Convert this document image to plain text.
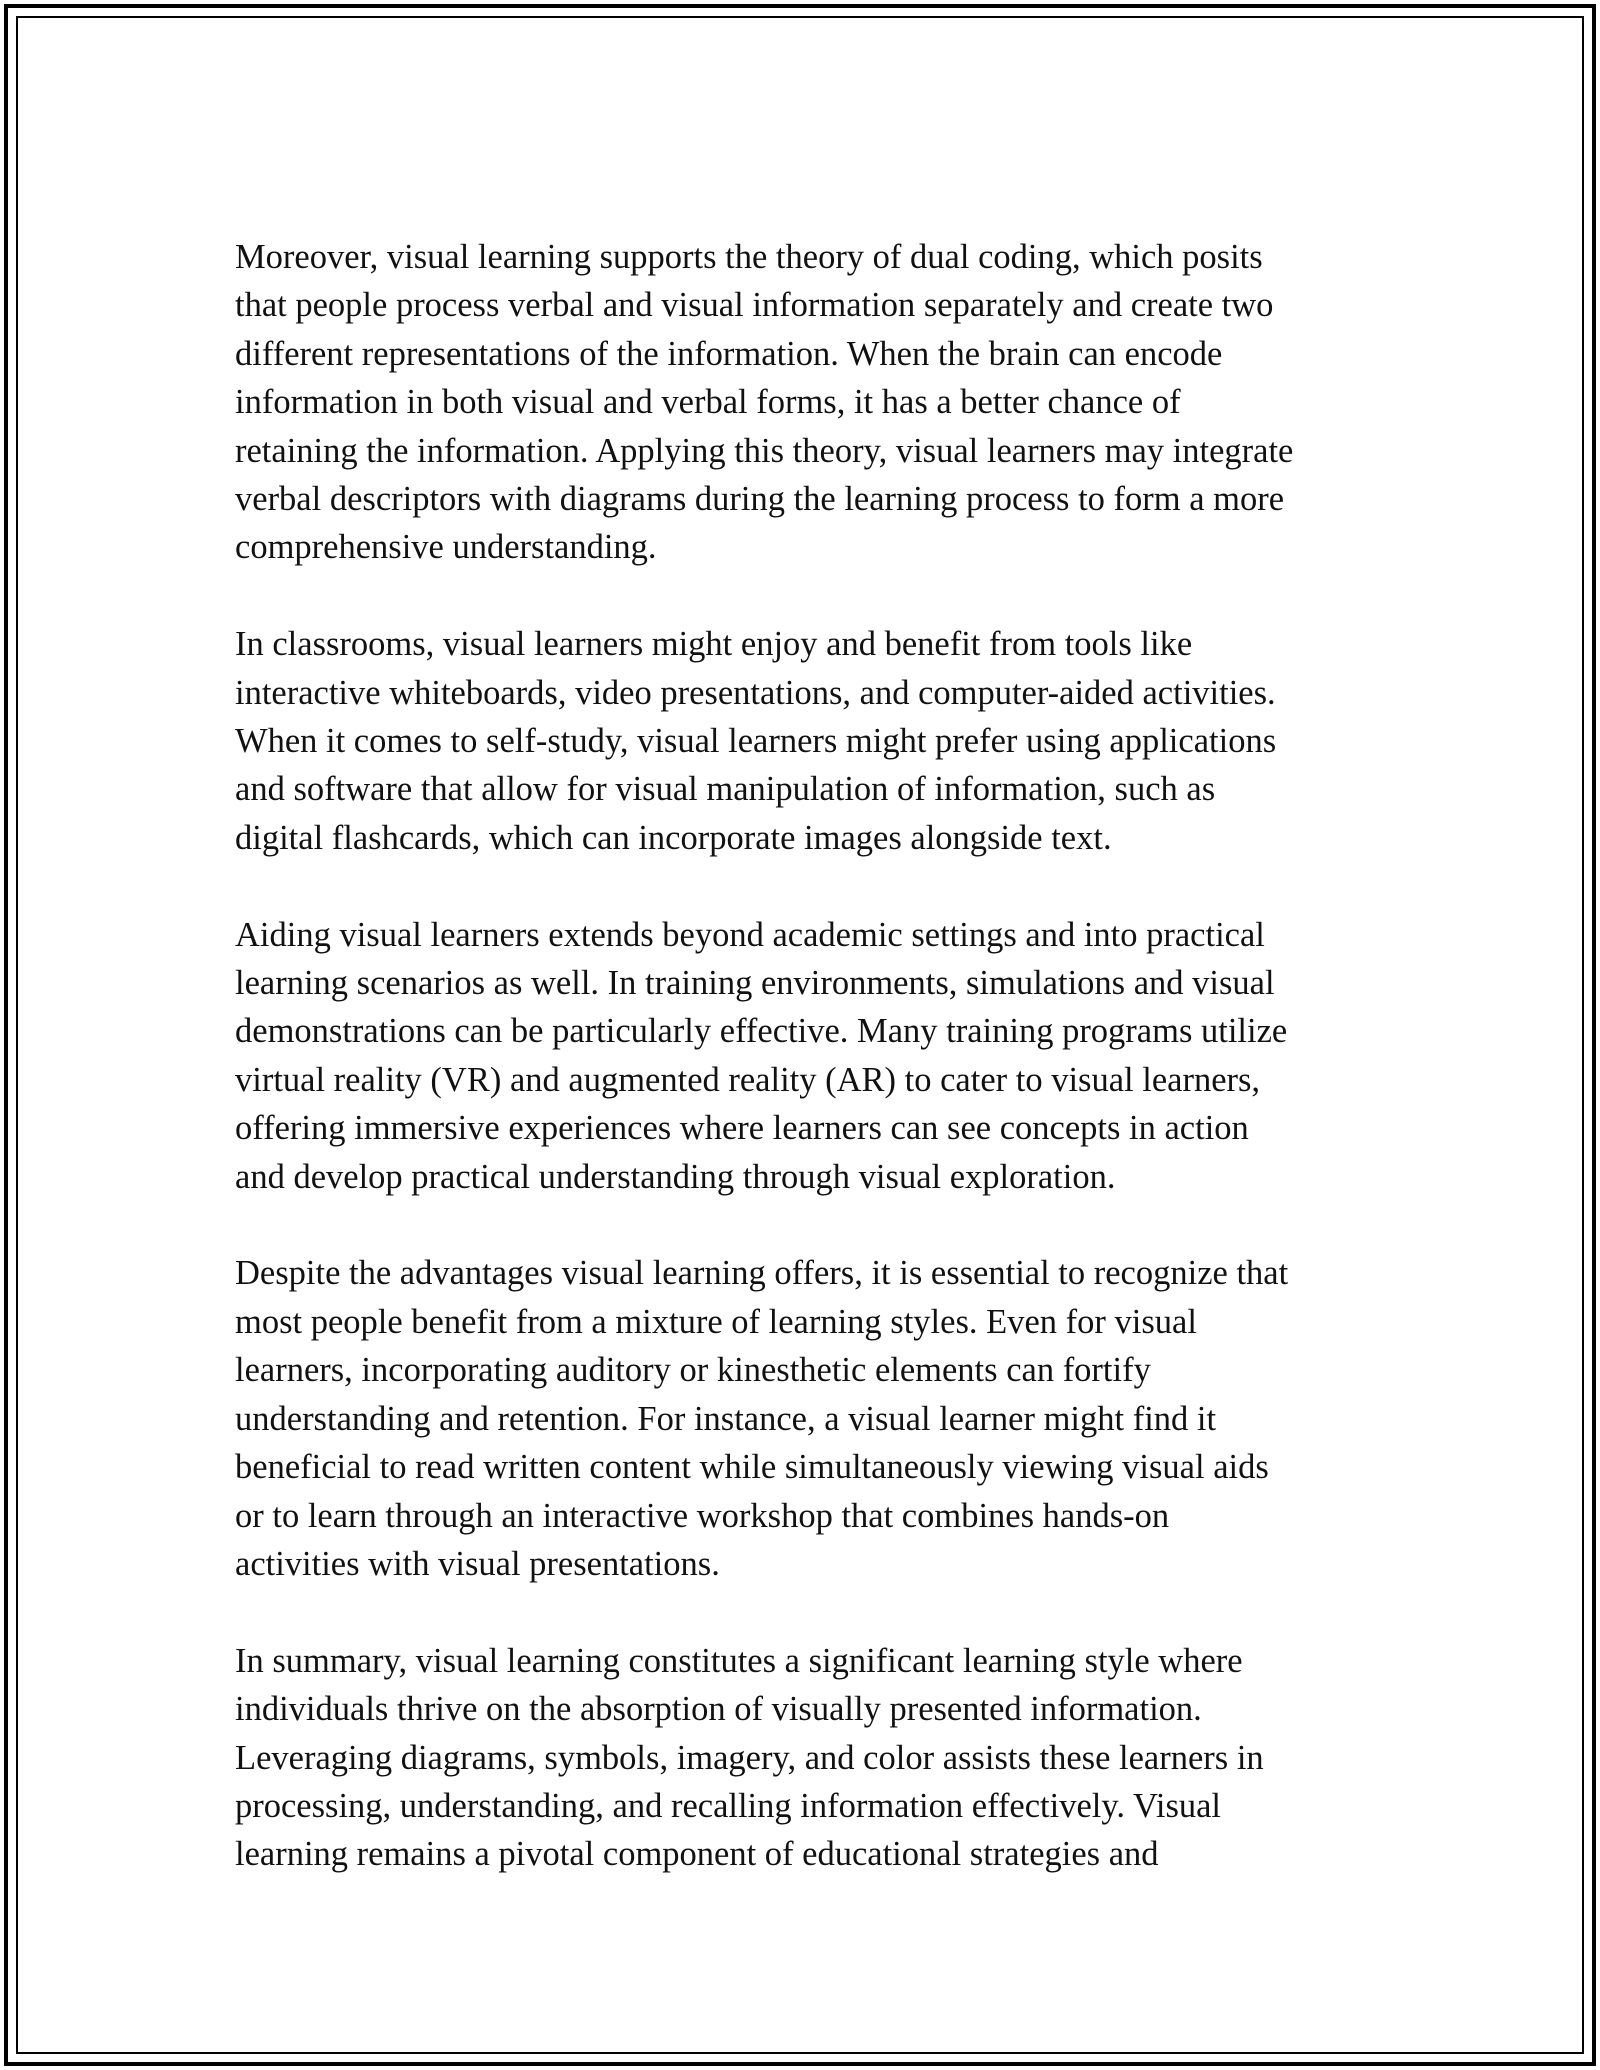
Moreover, visual learning supports the theory of dual coding, which posits
that people process verbal and visual information separately and create two
different representations of the information. When the brain can encode
information in both visual and verbal forms, it has a better chance of
retaining the information. Applying this theory, visual learners may integrate
verbal descriptors with diagrams during the learning process to form a more
comprehensive understanding.

In classrooms, visual learners might enjoy and benefit from tools like
interactive whiteboards, video presentations, and computer-aided activities.
When it comes to self-study, visual learners might prefer using applications
and software that allow for visual manipulation of information, such as
digital flashcards, which can incorporate images alongside text.

Aiding visual learners extends beyond academic settings and into practical
learning scenarios as well. In training environments, simulations and visual
demonstrations can be particularly effective. Many training programs utilize
virtual reality (VR) and augmented reality (AR) to cater to visual learners,
offering immersive experiences where learners can see concepts in action
and develop practical understanding through visual exploration.

Despite the advantages visual learning offers, it is essential to recognize that
most people benefit from a mixture of learning styles. Even for visual
learners, incorporating auditory or kinesthetic elements can fortify
understanding and retention. For instance, a visual learner might find it
beneficial to read written content while simultaneously viewing visual aids
or to learn through an interactive workshop that combines hands-on
activities with visual presentations.

In summary, visual learning constitutes a significant learning style where
individuals thrive on the absorption of visually presented information.
Leveraging diagrams, symbols, imagery, and color assists these learners in
processing, understanding, and recalling information effectively. Visual
learning remains a pivotal component of educational strategies and
